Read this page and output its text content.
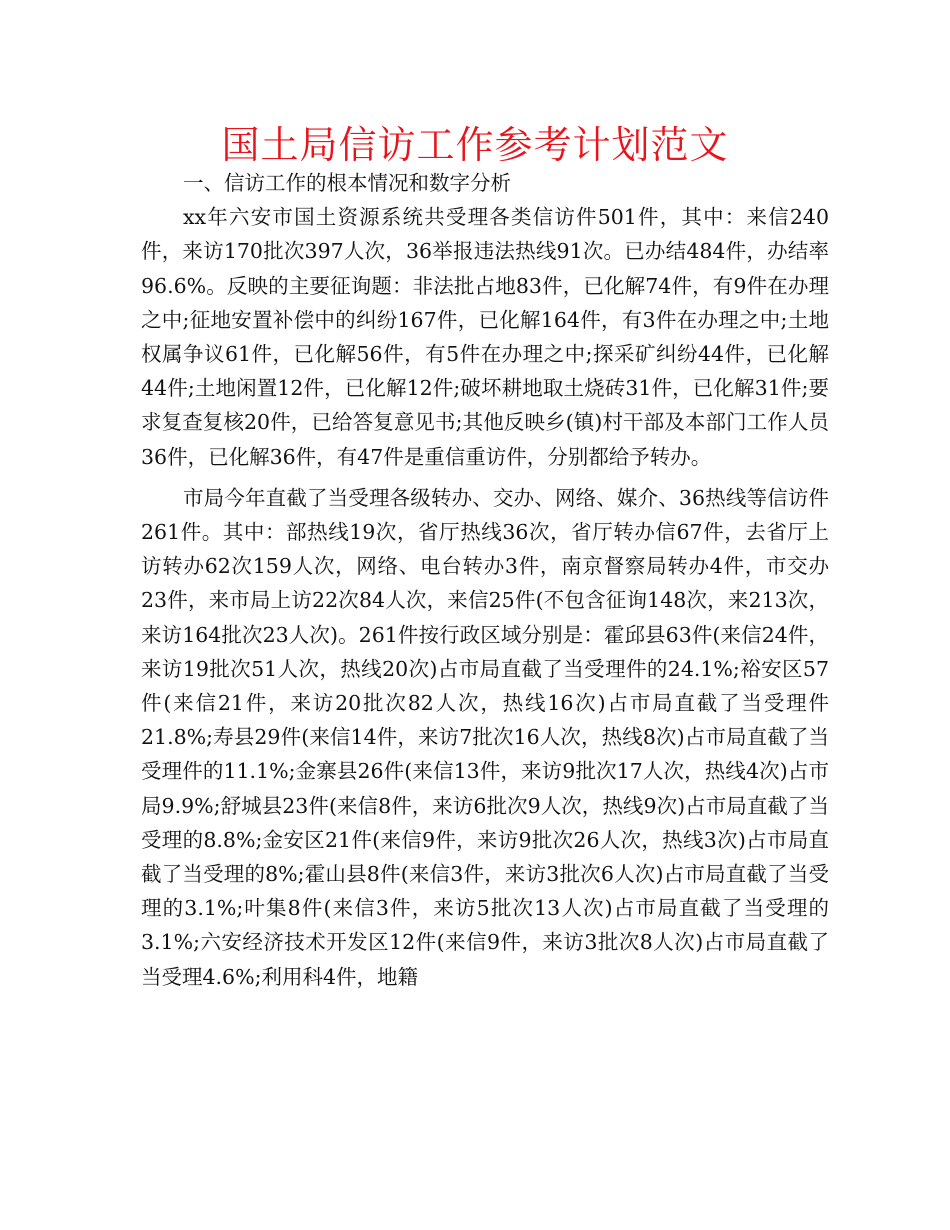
国土局信访工作参考计划范文

一、信访工作的根本情况和数字分析

xx年六安市国土资源系统共受理各类信访件501件，其中：来信240件，来访170批次397人次，36举报违法热线91次。已办结484件，办结率96.6%。反映的主要征询题：非法批占地83件，已化解74件，有9件在办理之中;征地安置补偿中的纠纷167件，已化解164件，有3件在办理之中;土地权属争议61件，已化解56件，有5件在办理之中;探采矿纠纷44件，已化解44件;土地闲置12件，已化解12件;破坏耕地取土烧砖31件，已化解31件;要求复查复核20件，已给答复意见书;其他反映乡(镇)村干部及本部门工作人员36件，已化解36件，有47件是重信重访件，分别都给予转办。

市局今年直截了当受理各级转办、交办、网络、媒介、36热线等信访件261件。其中：部热线19次，省厅热线36次，省厅转办信67件，去省厅上访转办62次159人次，网络、电台转办3件，南京督察局转办4件，市交办23件，来市局上访22次84人次，来信25件(不包含征询148次，来213次，来访164批次23人次)。261件按行政区域分别是：霍邱县63件(来信24件，来访19批次51人次，热线20次)占市局直截了当受理件的24.1%;裕安区57件(来信21件，来访20批次82人次，热线16次)占市局直截了当受理件21.8%;寿县29件(来信14件，来访7批次16人次，热线8次)占市局直截了当受理件的11.1%;金寨县26件(来信13件，来访9批次17人次，热线4次)占市局9.9%;舒城县23件(来信8件，来访6批次9人次，热线9次)占市局直截了当受理的8.8%;金安区21件(来信9件，来访9批次26人次，热线3次)占市局直截了当受理的8%;霍山县8件(来信3件，来访3批次6人次)占市局直截了当受理的3.1%;叶集8件(来信3件，来访5批次13人次)占市局直截了当受理的3.1%;六安经济技术开发区12件(来信9件，来访3批次8人次)占市局直截了当受理4.6%;利用科4件，地籍
